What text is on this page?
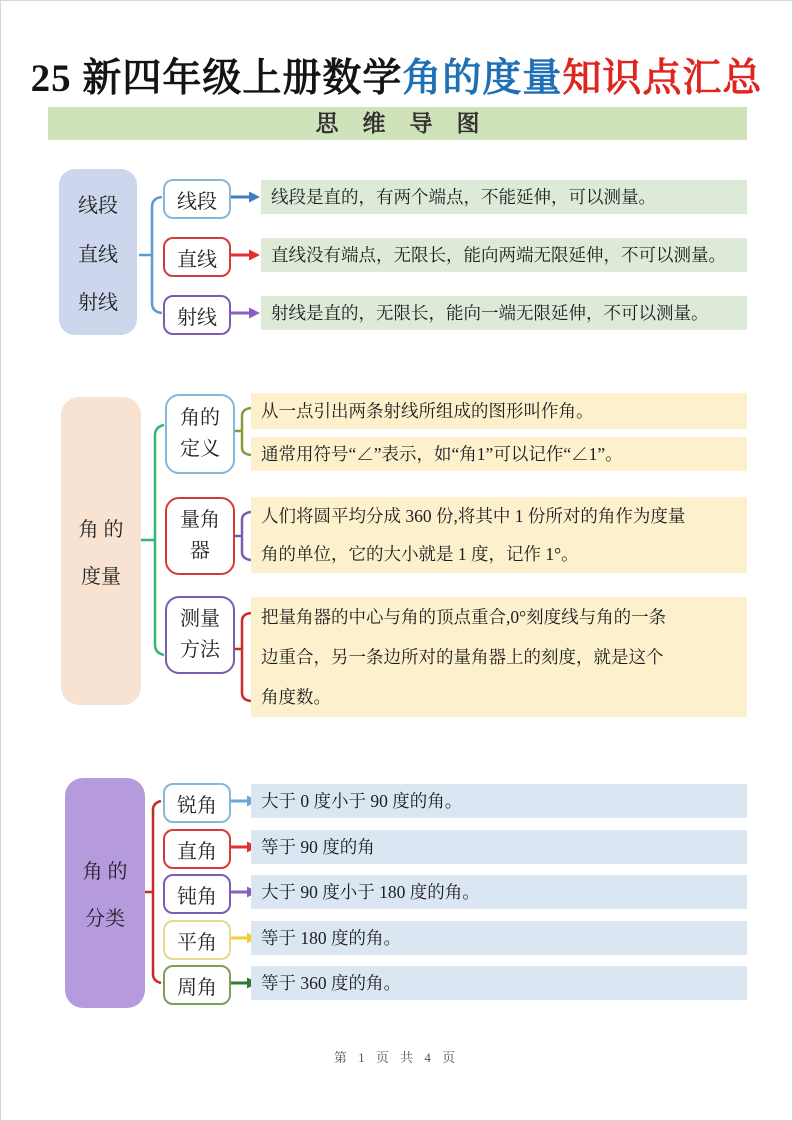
25 新四年级上册数学角的度量知识点汇总
思维导图
线段
直线
射线
线段
直线
射线
线段是直的，有两个端点，不能延伸，可以测量。
直线没有端点，无限长，能向两端无限延伸，不可以测量。
射线是直的，无限长，能向一端无限延伸，不可以测量。
角 的
度量
角的
定义
量角
器
测量
方法
从一点引出两条射线所组成的图形叫作角。
通常用符号“∠”表示，如“角1”可以记作“∠1”。
人们将圆平均分成 360 份,将其中 1 份所对的角作为度量
角的单位，它的大小就是 1 度，记作 1°。
把量角器的中心与角的顶点重合,0°刻度线与角的一条
边重合，另一条边所对的量角器上的刻度，就是这个
角度数。
角 的
分类
锐角
直角
钝角
平角
周角
大于 0 度小于 90 度的角。
等于 90 度的角
大于 90 度小于 180 度的角。
等于 180 度的角。
等于 360 度的角。
第 1 页 共 4 页
